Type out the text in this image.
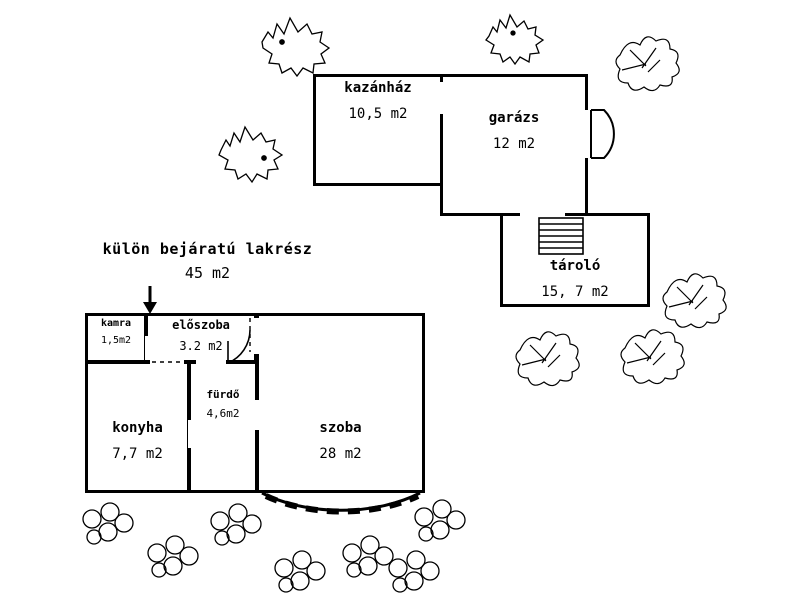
külön bejáratú lakrész
45 m2
kazánház
10,5 m2	garázs
12 m2
tároló
15, 7 m2
kamra
1,5m2
előszoba
3.2 m2
fürdő
4,6m2
konyha
7,7 m2
szoba
28 m2
